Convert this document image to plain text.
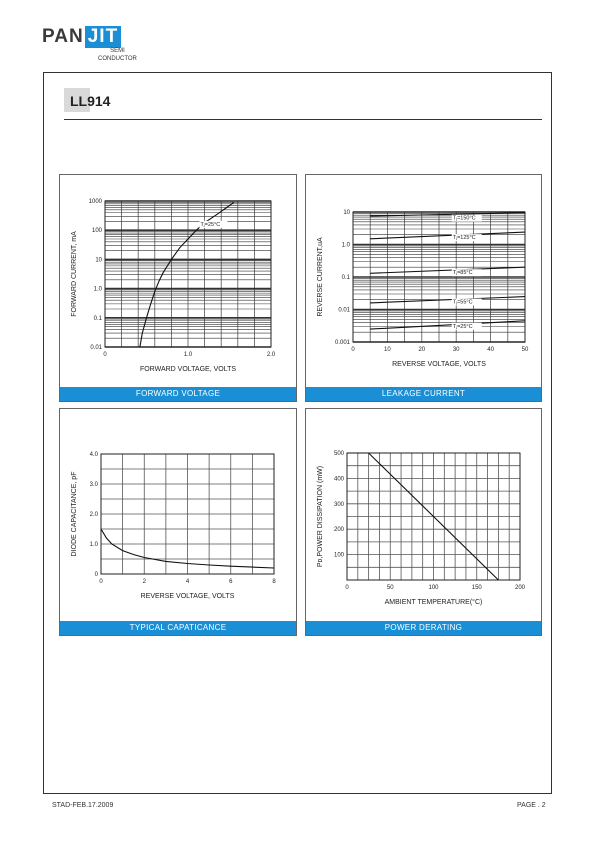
PAN JIT
SEMI
CONDUCTOR
LL914
0	1.0	2.0
0.01
0.1
1.0
10
100
1000
FORWARD VOLTAGE, VOLTS
FORWARD CURRENT, mA
Tⱼ=25°C
FORWARD VOLTAGE
0	10	20	30	40	50
0.001
0.01
0.1
1.0
10
REVERSE VOLTAGE, VOLTS
REVERSE CURRENT,uA
Tⱼ=150°C
Tⱼ=125°C
Tⱼ=85°C
Tⱼ=55°C
Tⱼ=25°C
LEAKAGE CURRENT
0	2	4	6	8
0
1.0
2.0
3.0
4.0
REVERSE VOLTAGE, VOLTS
DIODE CAPACITANCE, pF
TYPICAL CAPATICANCE
0	50	100	150	200
100
200
300
400
500
AMBIENT TEMPERATURE(°C)
Pᴅ,POWER DISSIPATION (mW)
POWER DERATING
STAD-FEB.17.2009	PAGE . 2
